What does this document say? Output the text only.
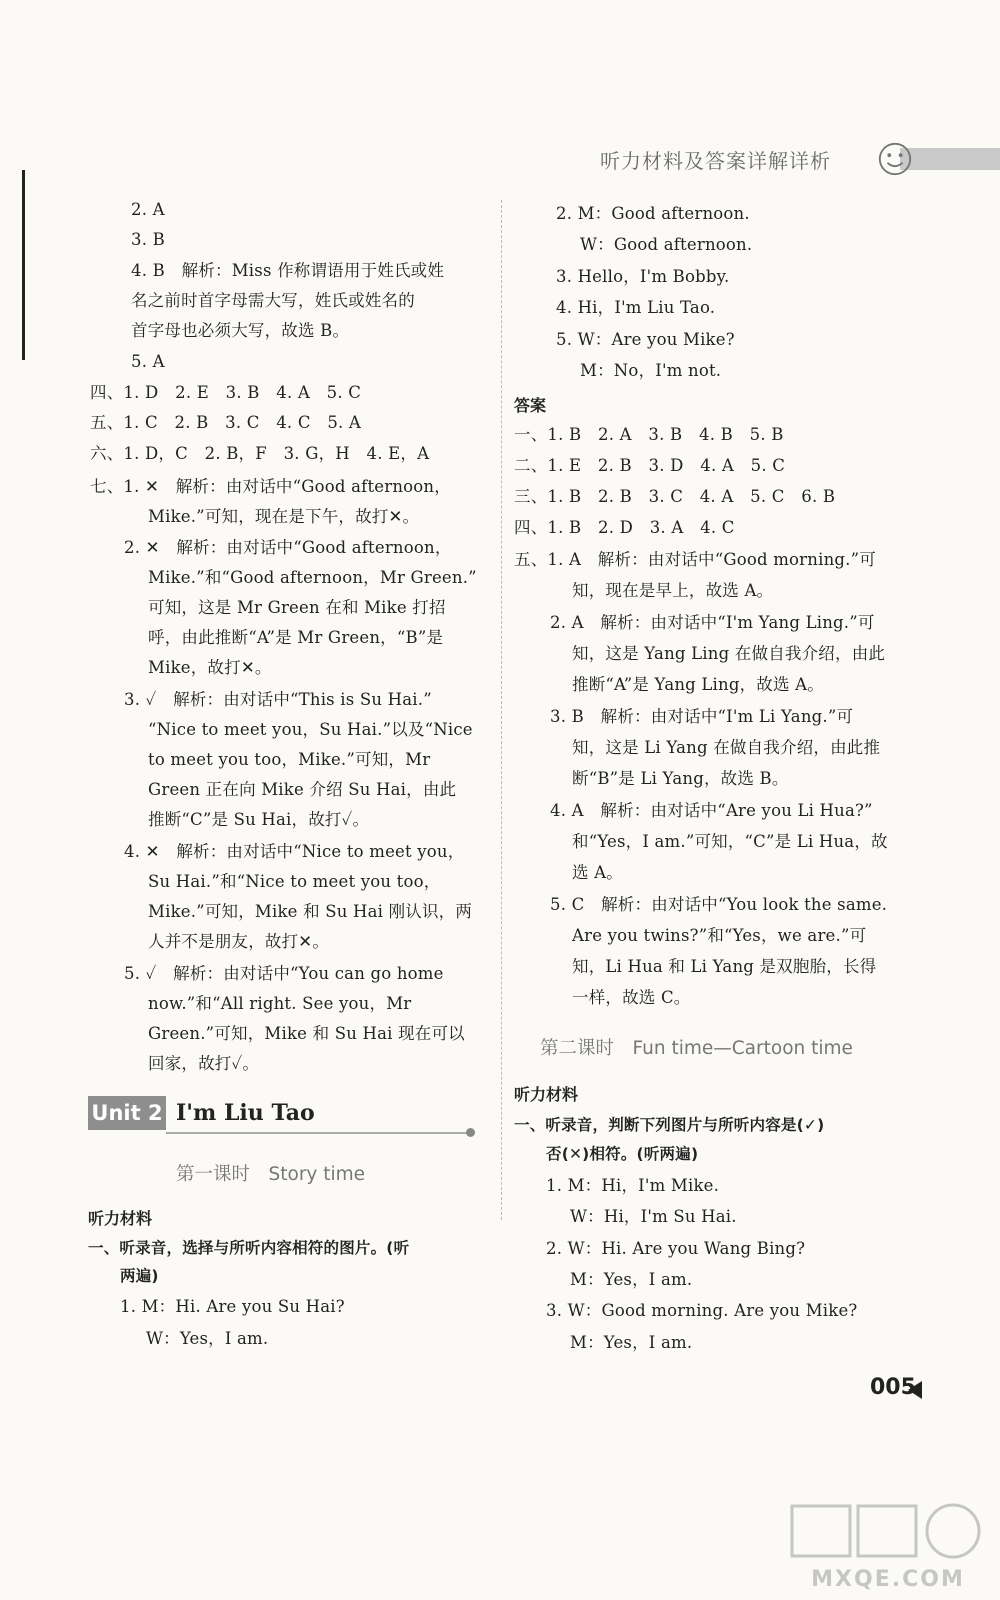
听力材料及答案详解详析
2. A
3. B
4. B　解析：Miss 作称谓语用于姓氏或姓
名之前时首字母需大写，姓氏或姓名的
首字母也必须大写，故选 B。
5. A
四、1. D　2. E　3. B　4. A　5. C
五、1. C　2. B　3. C　4. C　5. A
六、1. D，C　2. B，F　3. G，H　4. E，A
七、1. ✕　解析：由对话中“Good afternoon，
Mike.”可知，现在是下午，故打✕。
2. ✕　解析：由对话中“Good afternoon，
Mike.”和“Good afternoon，Mr Green.”
可知，这是 Mr Green 在和 Mike 打招
呼，由此推断“A”是 Mr Green，“B”是
Mike，故打✕。
3. ✓　解析：由对话中“This is Su Hai.”
“Nice to meet you，Su Hai.”以及“Nice
to meet you too，Mike.”可知，Mr
Green 正在向 Mike 介绍 Su Hai，由此
推断“C”是 Su Hai，故打✓。
4. ✕　解析：由对话中“Nice to meet you，
Su Hai.”和“Nice to meet you too，
Mike.”可知，Mike 和 Su Hai 刚认识，两
人并不是朋友，故打✕。
5. ✓　解析：由对话中“You can go home
now.”和“All right. See you，Mr
Green.”可知，Mike 和 Su Hai 现在可以
回家，故打✓。
Unit 2 I'm Liu Tao
第一课时　Story time
听力材料
一、听录音，选择与所听内容相符的图片。(听
两遍)
1. M：Hi. Are you Su Hai?
W：Yes，I am.
2. M：Good afternoon.
W：Good afternoon.
3. Hello，I'm Bobby.
4. Hi，I'm Liu Tao.
5. W：Are you Mike?
M：No，I'm not.
答案
一、1. B　2. A　3. B　4. B　5. B
二、1. E　2. B　3. D　4. A　5. C
三、1. B　2. B　3. C　4. A　5. C　6. B
四、1. B　2. D　3. A　4. C
五、1. A　解析：由对话中“Good morning.”可
知，现在是早上，故选 A。
2. A　解析：由对话中“I'm Yang Ling.”可
知，这是 Yang Ling 在做自我介绍，由此
推断“A”是 Yang Ling，故选 A。
3. B　解析：由对话中“I'm Li Yang.”可
知，这是 Li Yang 在做自我介绍，由此推
断“B”是 Li Yang，故选 B。
4. A　解析：由对话中“Are you Li Hua?”
和“Yes，I am.”可知，“C”是 Li Hua，故
选 A。
5. C　解析：由对话中“You look the same.
Are you twins?”和“Yes，we are.”可
知，Li Hua 和 Li Yang 是双胞胎，长得
一样，故选 C。
第二课时　Fun time—Cartoon time
听力材料
一、听录音，判断下列图片与所听内容是(✓)
否(✕)相符。(听两遍)
1. M：Hi，I'm Mike.
W：Hi，I'm Su Hai.
2. W：Hi. Are you Wang Bing?
M：Yes，I am.
3. W：Good morning. Are you Mike?
M：Yes，I am.
005
MXQE.COM
